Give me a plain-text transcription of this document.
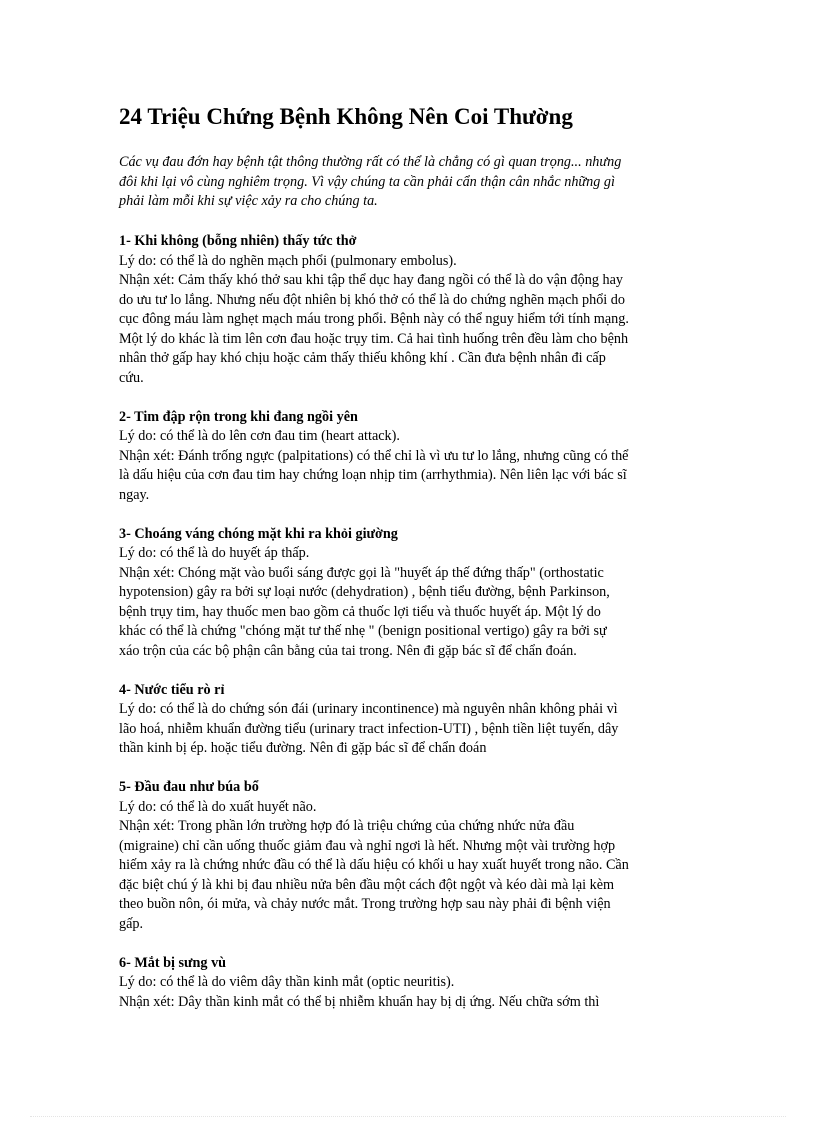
24 Triệu Chứng Bệnh Không Nên Coi Thường
Các vụ đau đớn hay bệnh tật thông thường rất có thể là chẳng có gì quan trọng... nhưng
đôi khi lại vô cùng nghiêm trọng. Vì vậy chúng ta cần phải cẩn thận cân nhắc những gì
phải làm mỗi khi sự việc xảy ra cho chúng ta.
1- Khi không (bỗng nhiên) thấy tức thở
Lý do: có thể là do nghẽn mạch phổi (pulmonary embolus).
Nhận xét: Cảm thấy khó thở sau khi tập thể dục hay đang ngồi có thể là do vận động hay
do ưu tư lo lắng. Nhưng nếu đột nhiên bị khó thở có thể là do chứng nghẽn mạch phổi do
cục đông máu làm nghẹt mạch máu trong phổi. Bệnh này có thể nguy hiểm tới tính mạng.
Một lý do khác là tim lên cơn đau hoặc trụy tim. Cả hai tình huống trên đều làm cho bệnh
nhân thở gấp hay khó chịu hoặc cảm thấy thiếu không khí . Cần đưa bệnh nhân đi cấp
cứu.
2- Tim đập rộn trong khi đang ngồi yên
Lý do: có thể là do lên cơn đau tim (heart attack).
Nhận xét: Đánh trống ngực (palpitations) có thể chỉ là vì ưu tư lo lắng, nhưng cũng có thể
là dấu hiệu của cơn đau tim hay chứng loạn nhịp tim (arrhythmia). Nên liên lạc với bác sĩ
ngay.
3- Choáng váng chóng mặt khi ra khỏi giường
Lý do: có thể là do huyết áp thấp.
Nhận xét: Chóng mặt vào buổi sáng được gọi là "huyết áp thế đứng thấp" (orthostatic
hypotension) gây ra bởi sự loại nước (dehydration) , bệnh tiểu đường, bệnh Parkinson,
bệnh trụy tim, hay thuốc men bao gồm cả thuốc lợi tiểu và thuốc huyết áp. Một lý do
khác có thể là chứng "chóng mặt tư thế nhẹ " (benign positional vertigo) gây ra bởi sự
xáo trộn của các bộ phận cân bằng của tai trong. Nên đi gặp bác sĩ để chẩn đoán.
4- Nước tiểu rò rỉ
Lý do: có thể là do chứng són đái (urinary incontinence) mà nguyên nhân không phải vì
lão hoá, nhiễm khuẩn đường tiểu (urinary tract infection-UTI) , bệnh tiền liệt tuyến, dây
thần kinh bị ép. hoặc tiểu đường. Nên đi gặp bác sĩ để chẩn đoán
5- Đầu đau như búa bổ
Lý do: có thể là do xuất huyết não.
Nhận xét: Trong phần lớn trường hợp đó là triệu chứng của chứng nhức nửa đầu
(migraine) chỉ cần uống thuốc giảm đau và nghỉ ngơi là hết. Nhưng một vài trường hợp
hiếm xảy ra là chứng nhức đầu có thể là dấu hiệu có khối u hay xuất huyết trong não. Cần
đặc biệt chú ý là khi bị đau nhiều nửa bên đầu một cách đột ngột và kéo dài mà lại kèm
theo buồn nôn, ói mửa, và chảy nước mắt. Trong trường hợp sau này phải đi bệnh viện
gấp.
6- Mắt bị sưng vù
Lý do: có thể là do viêm dây thần kinh mắt (optic neuritis).
Nhận xét: Dây thần kinh mắt có thể bị nhiễm khuẩn hay bị dị ứng. Nếu chữa sớm thì
